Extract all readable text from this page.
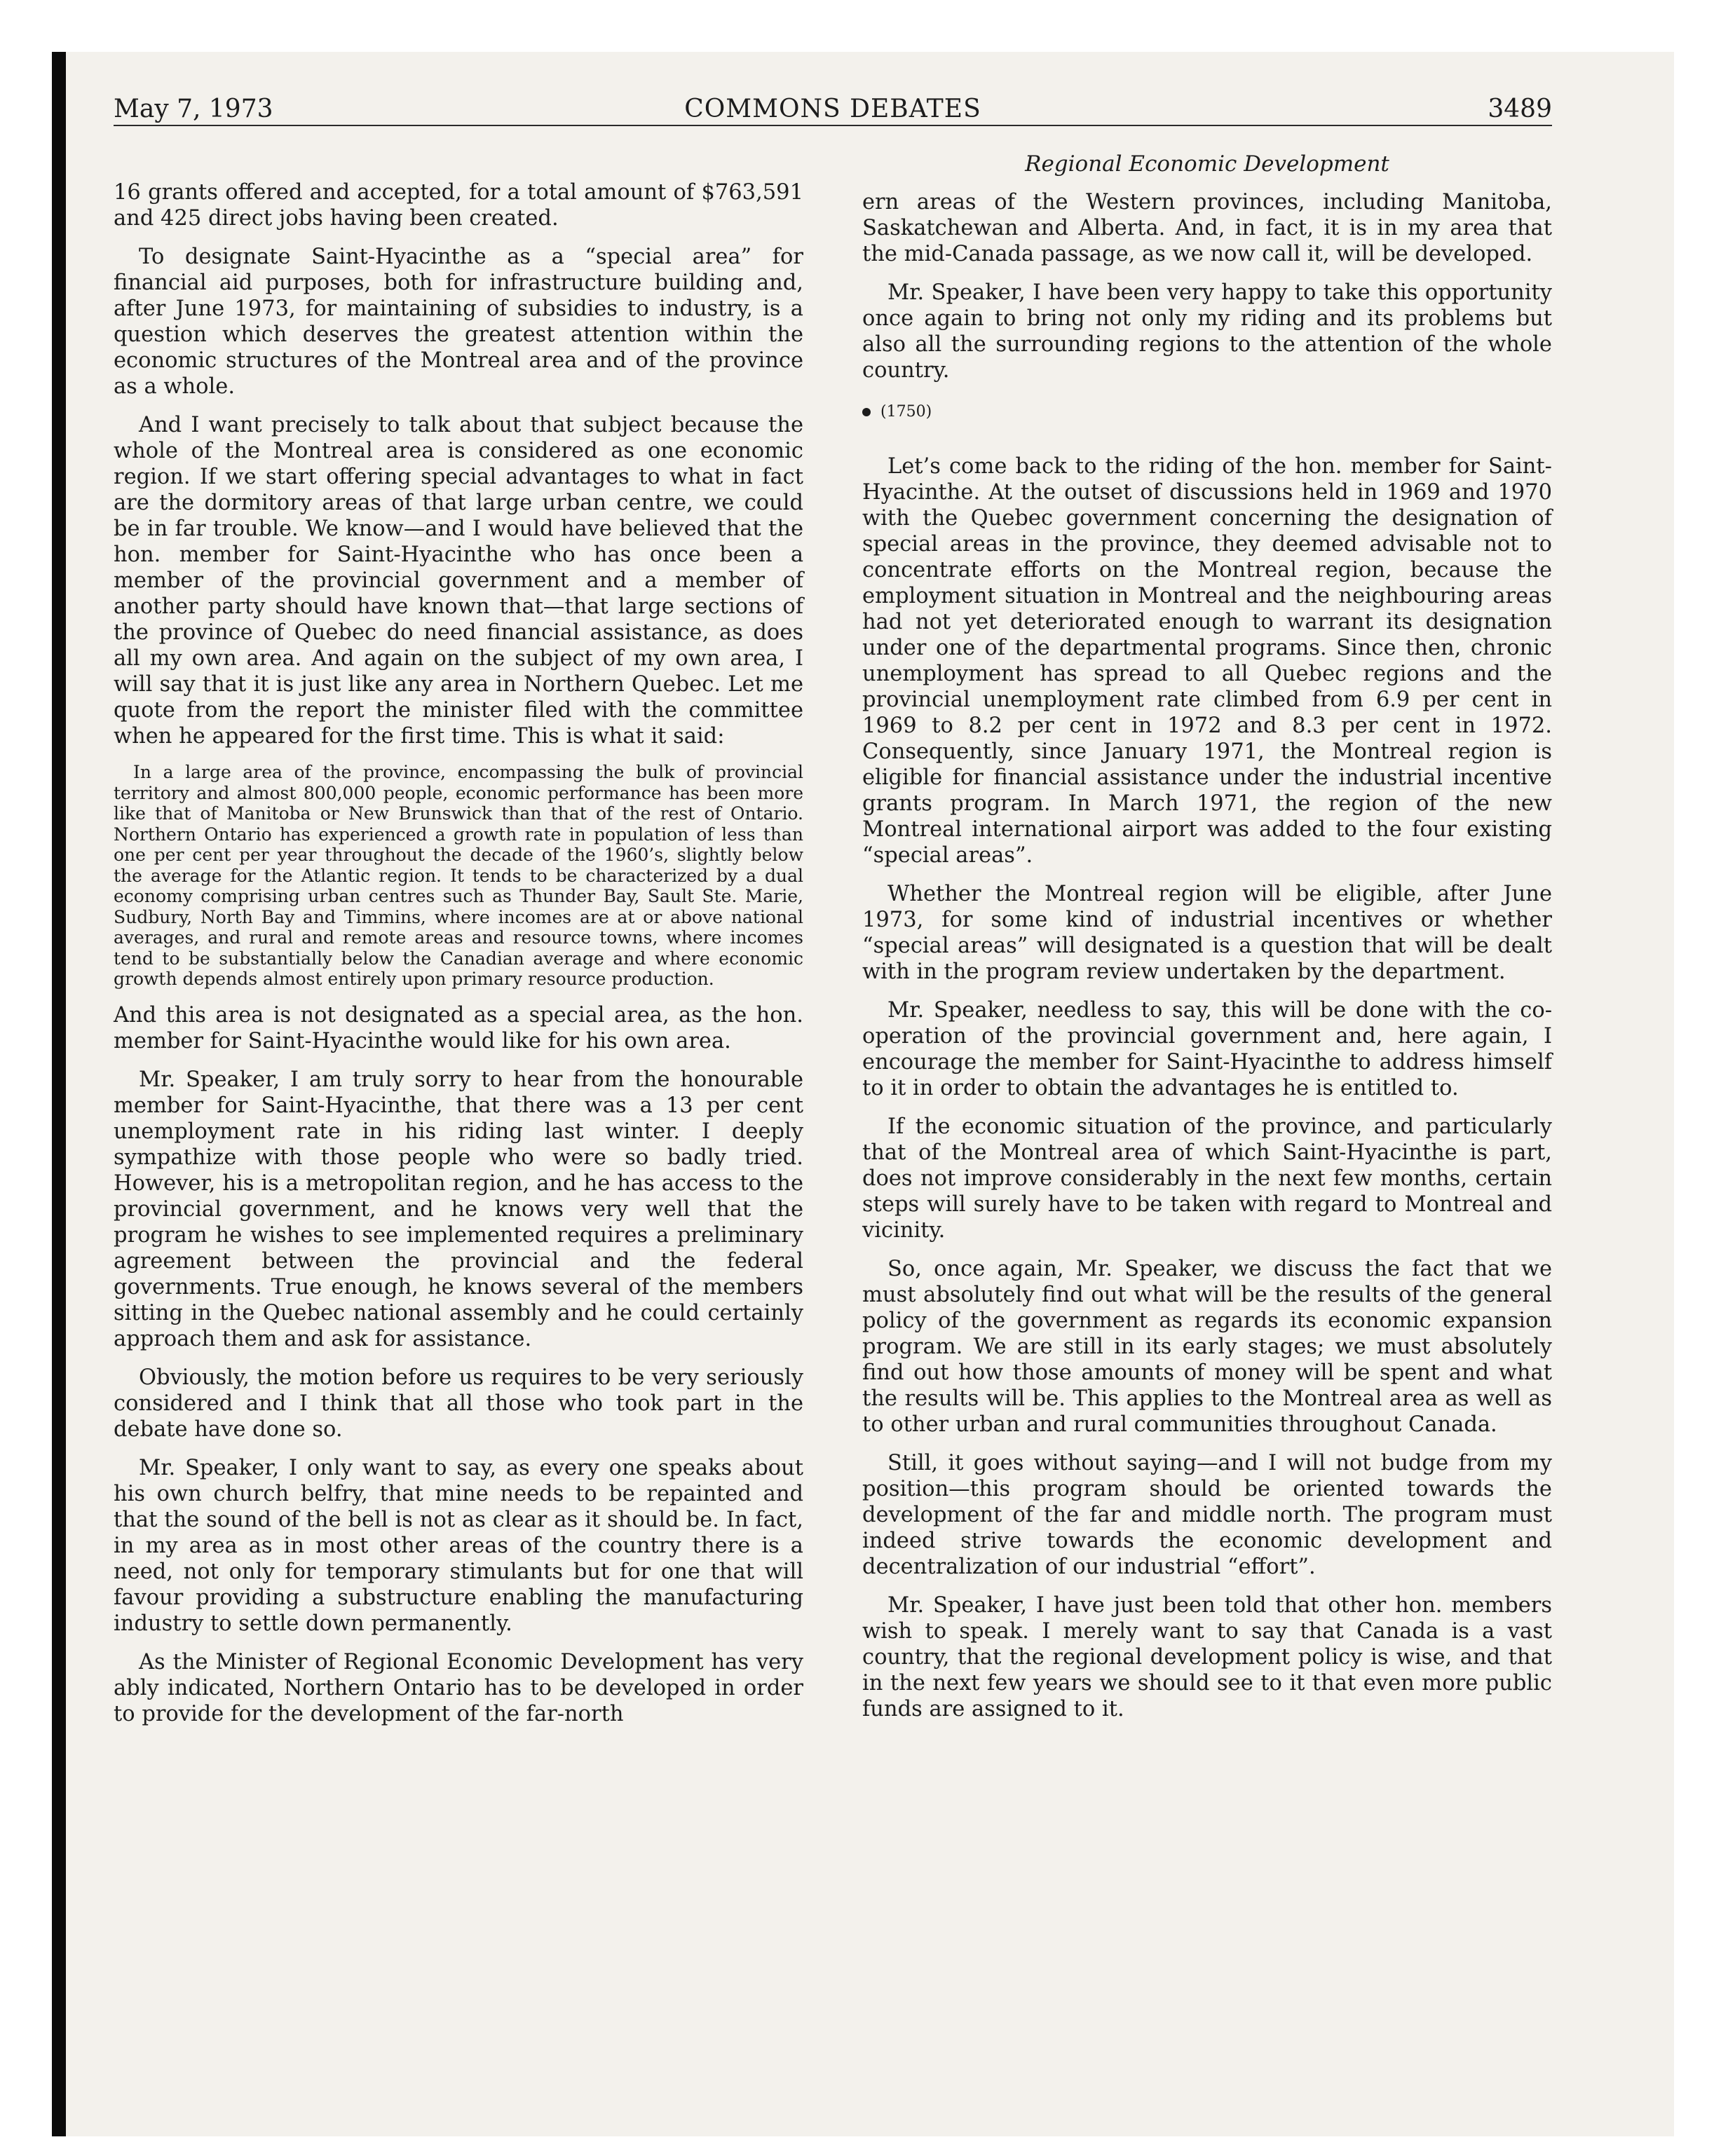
May 7, 1973	COMMONS DEBATES	3489
Regional Economic Development

16 grants offered and accepted, for a total amount of $763,591 and 425 direct jobs having been created.

To designate Saint-Hyacinthe as a “special area” for financial aid purposes, both for infrastructure building and, after June 1973, for maintaining of subsidies to industry, is a question which deserves the greatest attention within the economic structures of the Montreal area and of the province as a whole.

And I want precisely to talk about that subject because the whole of the Montreal area is considered as one economic region. If we start offering special advantages to what in fact are the dormitory areas of that large urban centre, we could be in far trouble. We know—and I would have believed that the hon. member for Saint-Hyacinthe who has once been a member of the provincial government and a member of another party should have known that—that large sections of the province of Quebec do need financial assistance, as does all my own area. And again on the subject of my own area, I will say that it is just like any area in Northern Quebec. Let me quote from the report the minister filed with the committee when he appeared for the first time. This is what it said:

In a large area of the province, encompassing the bulk of provincial territory and almost 800,000 people, economic performance has been more like that of Manitoba or New Brunswick than that of the rest of Ontario. Northern Ontario has experienced a growth rate in population of less than one per cent per year throughout the decade of the 1960’s, slightly below the average for the Atlantic region. It tends to be characterized by a dual economy comprising urban centres such as Thunder Bay, Sault Ste. Marie, Sudbury, North Bay and Timmins, where incomes are at or above national averages, and rural and remote areas and resource towns, where incomes tend to be substantially below the Canadian average and where economic growth depends almost entirely upon primary resource production.

And this area is not designated as a special area, as the hon. member for Saint-Hyacinthe would like for his own area.

Mr. Speaker, I am truly sorry to hear from the honourable member for Saint-Hyacinthe, that there was a 13 per cent unemployment rate in his riding last winter. I deeply sympathize with those people who were so badly tried. However, his is a metropolitan region, and he has access to the provincial government, and he knows very well that the program he wishes to see implemented requires a preliminary agreement between the provincial and the federal governments. True enough, he knows several of the members sitting in the Quebec national assembly and he could certainly approach them and ask for assistance.

Obviously, the motion before us requires to be very seriously considered and I think that all those who took part in the debate have done so.

Mr. Speaker, I only want to say, as every one speaks about his own church belfry, that mine needs to be repainted and that the sound of the bell is not as clear as it should be. In fact, in my area as in most other areas of the country there is a need, not only for temporary stimulants but for one that will favour providing a substructure enabling the manufacturing industry to settle down permanently.

As the Minister of Regional Economic Development has very ably indicated, Northern Ontario has to be developed in order to provide for the development of the far-north

ern areas of the Western provinces, including Manitoba, Saskatchewan and Alberta. And, in fact, it is in my area that the mid-Canada passage, as we now call it, will be developed.

Mr. Speaker, I have been very happy to take this opportunity once again to bring not only my riding and its problems but also all the surrounding regions to the attention of the whole country.

(1750)

Let’s come back to the riding of the hon. member for Saint-Hyacinthe. At the outset of discussions held in 1969 and 1970 with the Quebec government concerning the designation of special areas in the province, they deemed advisable not to concentrate efforts on the Montreal region, because the employment situation in Montreal and the neighbouring areas had not yet deteriorated enough to warrant its designation under one of the departmental programs. Since then, chronic unemployment has spread to all Quebec regions and the provincial unemployment rate climbed from 6.9 per cent in 1969 to 8.2 per cent in 1972 and 8.3 per cent in 1972. Consequently, since January 1971, the Montreal region is eligible for financial assistance under the industrial incentive grants program. In March 1971, the region of the new Montreal international airport was added to the four existing “special areas”.

Whether the Montreal region will be eligible, after June 1973, for some kind of industrial incentives or whether “special areas” will designated is a question that will be dealt with in the program review undertaken by the department.

Mr. Speaker, needless to say, this will be done with the co-operation of the provincial government and, here again, I encourage the member for Saint-Hyacinthe to address himself to it in order to obtain the advantages he is entitled to.

If the economic situation of the province, and particularly that of the Montreal area of which Saint-Hyacinthe is part, does not improve considerably in the next few months, certain steps will surely have to be taken with regard to Montreal and vicinity.

So, once again, Mr. Speaker, we discuss the fact that we must absolutely find out what will be the results of the general policy of the government as regards its economic expansion program. We are still in its early stages; we must absolutely find out how those amounts of money will be spent and what the results will be. This applies to the Montreal area as well as to other urban and rural communities throughout Canada.

Still, it goes without saying—and I will not budge from my position—this program should be oriented towards the development of the far and middle north. The program must indeed strive towards the economic development and decentralization of our industrial “effort”.

Mr. Speaker, I have just been told that other hon. members wish to speak. I merely want to say that Canada is a vast country, that the regional development policy is wise, and that in the next few years we should see to it that even more public funds are assigned to it.
